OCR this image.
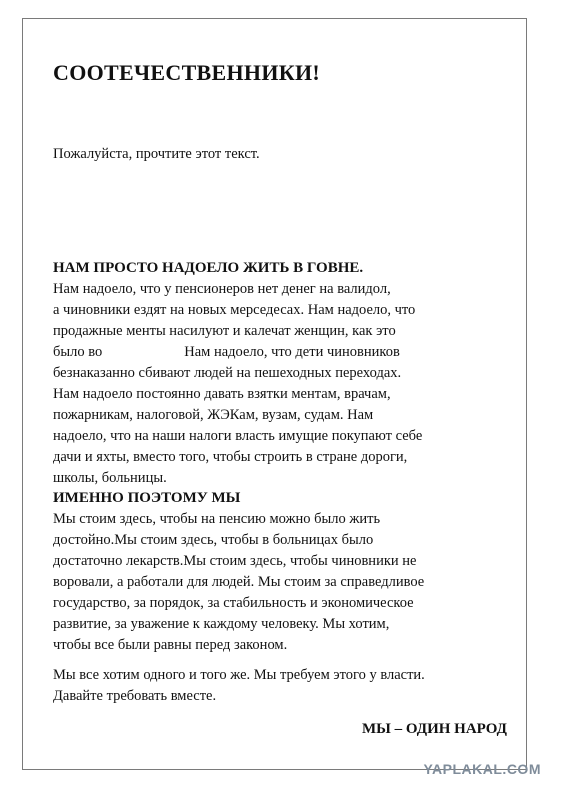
СООТЕЧЕСТВЕННИКИ!

Пожалуйста, прочтите этот текст.

НАМ ПРОСТО НАДОЕЛО ЖИТЬ В ГОВНЕ.
Нам надоело, что у пенсионеров нет денег на валидол,
а чиновники ездят на новых мерседесах. Нам надоело, что
продажные менты насилуют и калечат женщин, как это
было во	Нам надоело, что дети чиновников
безнаказанно сбивают людей на пешеходных переходах.
Нам надоело постоянно давать взятки ментам, врачам,
пожарникам, налоговой, ЖЭКам, вузам, судам. Нам
надоело, что на наши налоги власть имущие покупают себе
дачи и яхты, вместо того, чтобы строить в стране дороги,
школы, больницы.
ИМЕННО ПОЭТОМУ МЫ
Мы стоим здесь, чтобы на пенсию можно было жить
достойно.Мы стоим здесь, чтобы в больницах было
достаточно лекарств.Мы стоим здесь, чтобы чиновники не
воровали, а работали для людей. Мы стоим за справедливое
государство, за порядок, за стабильность и экономическое
развитие, за уважение к каждому человеку. Мы хотим,
чтобы все были равны перед законом.
Мы все хотим одного и того же. Мы требуем этого у власти.
Давайте требовать вместе.

МЫ – ОДИН НАРОД

YAPLAKAL.COM
